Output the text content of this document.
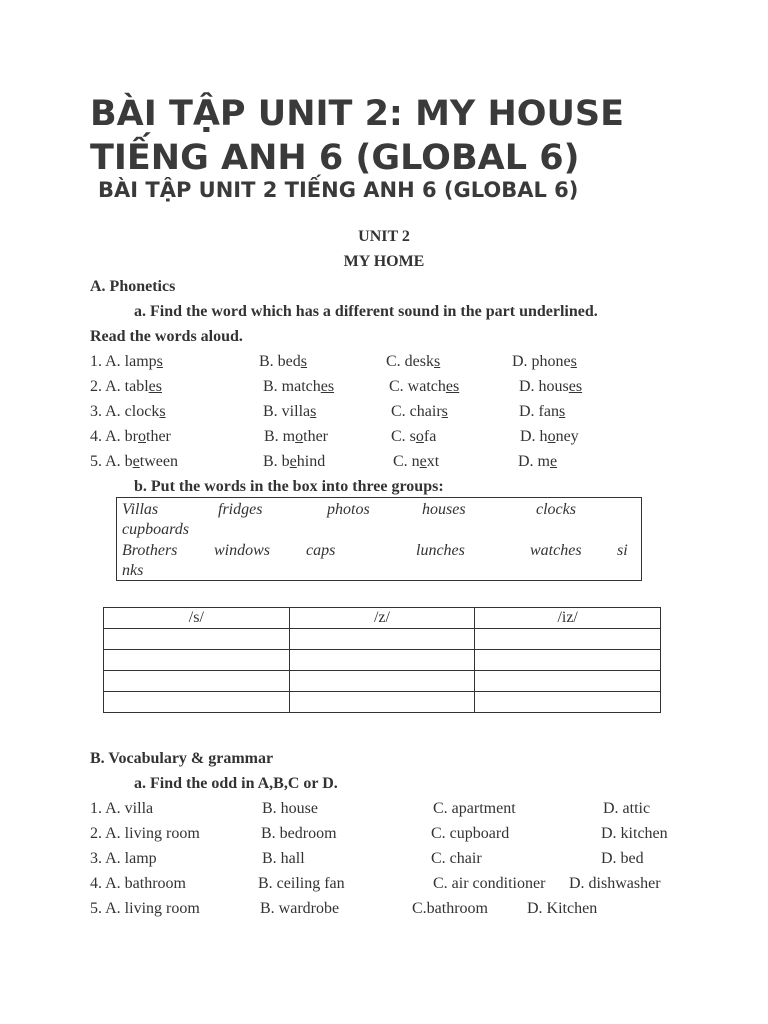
BÀI TẬP UNIT 2: MY HOUSE TIẾNG ANH 6 (GLOBAL 6)
BÀI TẬP UNIT 2 TIẾNG ANH 6 (GLOBAL 6)
UNIT 2
MY HOME
A. Phonetics
a. Find the word which has a different sound in the part underlined.
Read the words aloud.
1. A. lamps	B. beds	C. desks	D. phones
2. A. tables	B. matches	C. watches	D. houses
3. A. clocks	B. villas	C. chairs	D. fans
4. A. brother	B. mother	C. sofa	D. honey
5. A. between	B. behind	C. next	D. me
b. Put the words in the box into three groups:
Villas	fridges	photos	houses	clocks
cupboards
Brothers windows caps	lunches	watches si
nks
/s/	/z/	/iz/

B. Vocabulary & grammar
a. Find the odd in A,B,C or D.
1. A. villa	B. house	C. apartment	D. attic
2. A. living room	B. bedroom	C. cupboard	D. kitchen
3. A. lamp	B. hall	C. chair	D. bed
4. A. bathroom	B. ceiling fan	C. air conditioner D. dishwasher
5. A. living room	B. wardrobe	C.bathroom D. Kitchen
